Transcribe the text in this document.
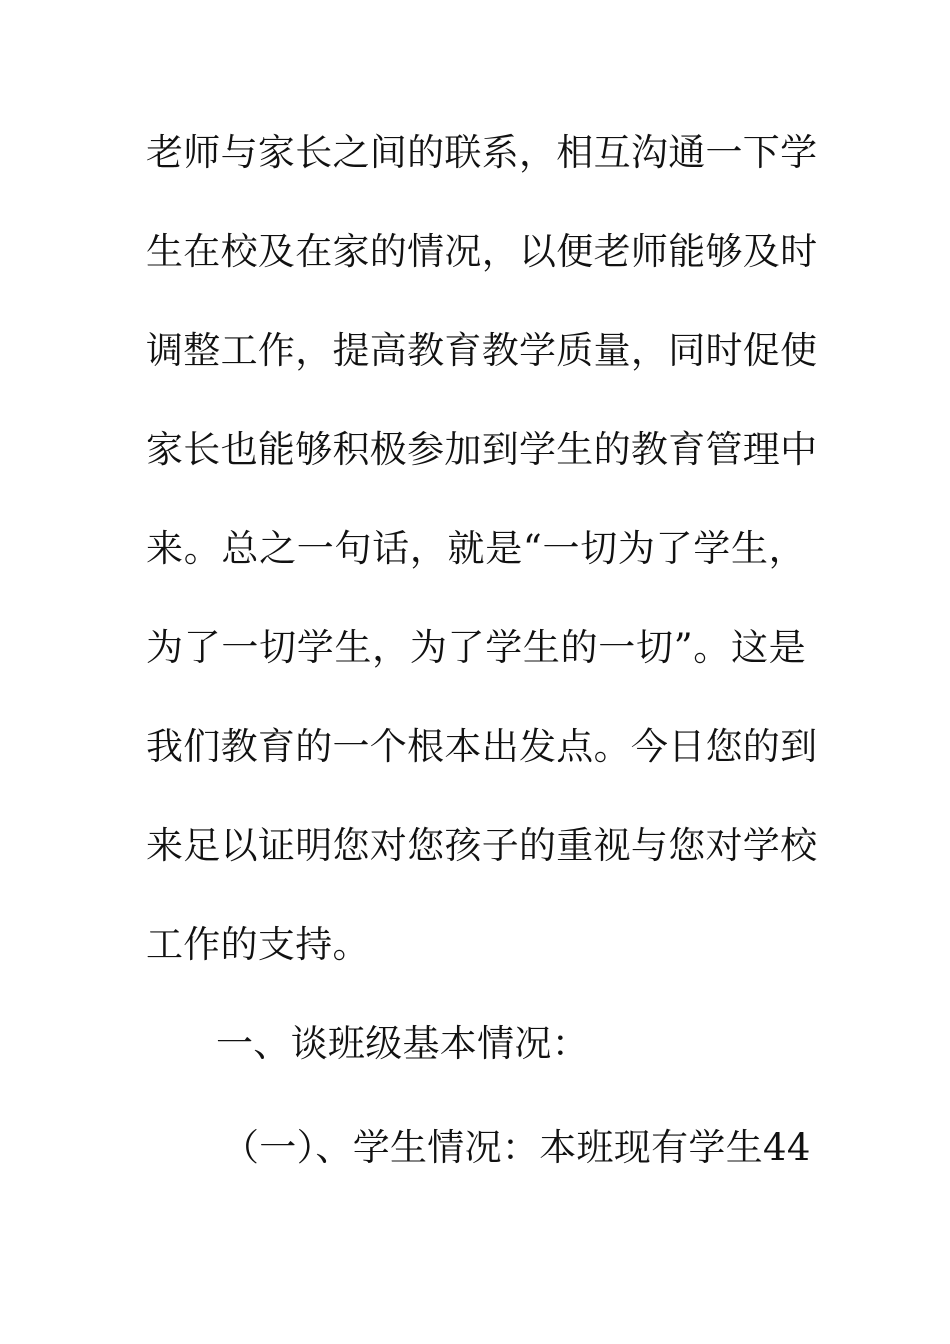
老师与家长之间的联系，相互沟通一下学
生在校及在家的情况，以便老师能够及时
调整工作，提高教育教学质量，同时促使
家长也能够积极参加到学生的教育管理中
来。总之一句话，就是“一切为了学生，
为了一切学生，为了学生的一切”。这是
我们教育的一个根本出发点。今日您的到
来足以证明您对您孩子的重视与您对学校
工作的支持。
一、谈班级基本情况：
（一）、学生情况：本班现有学生44
